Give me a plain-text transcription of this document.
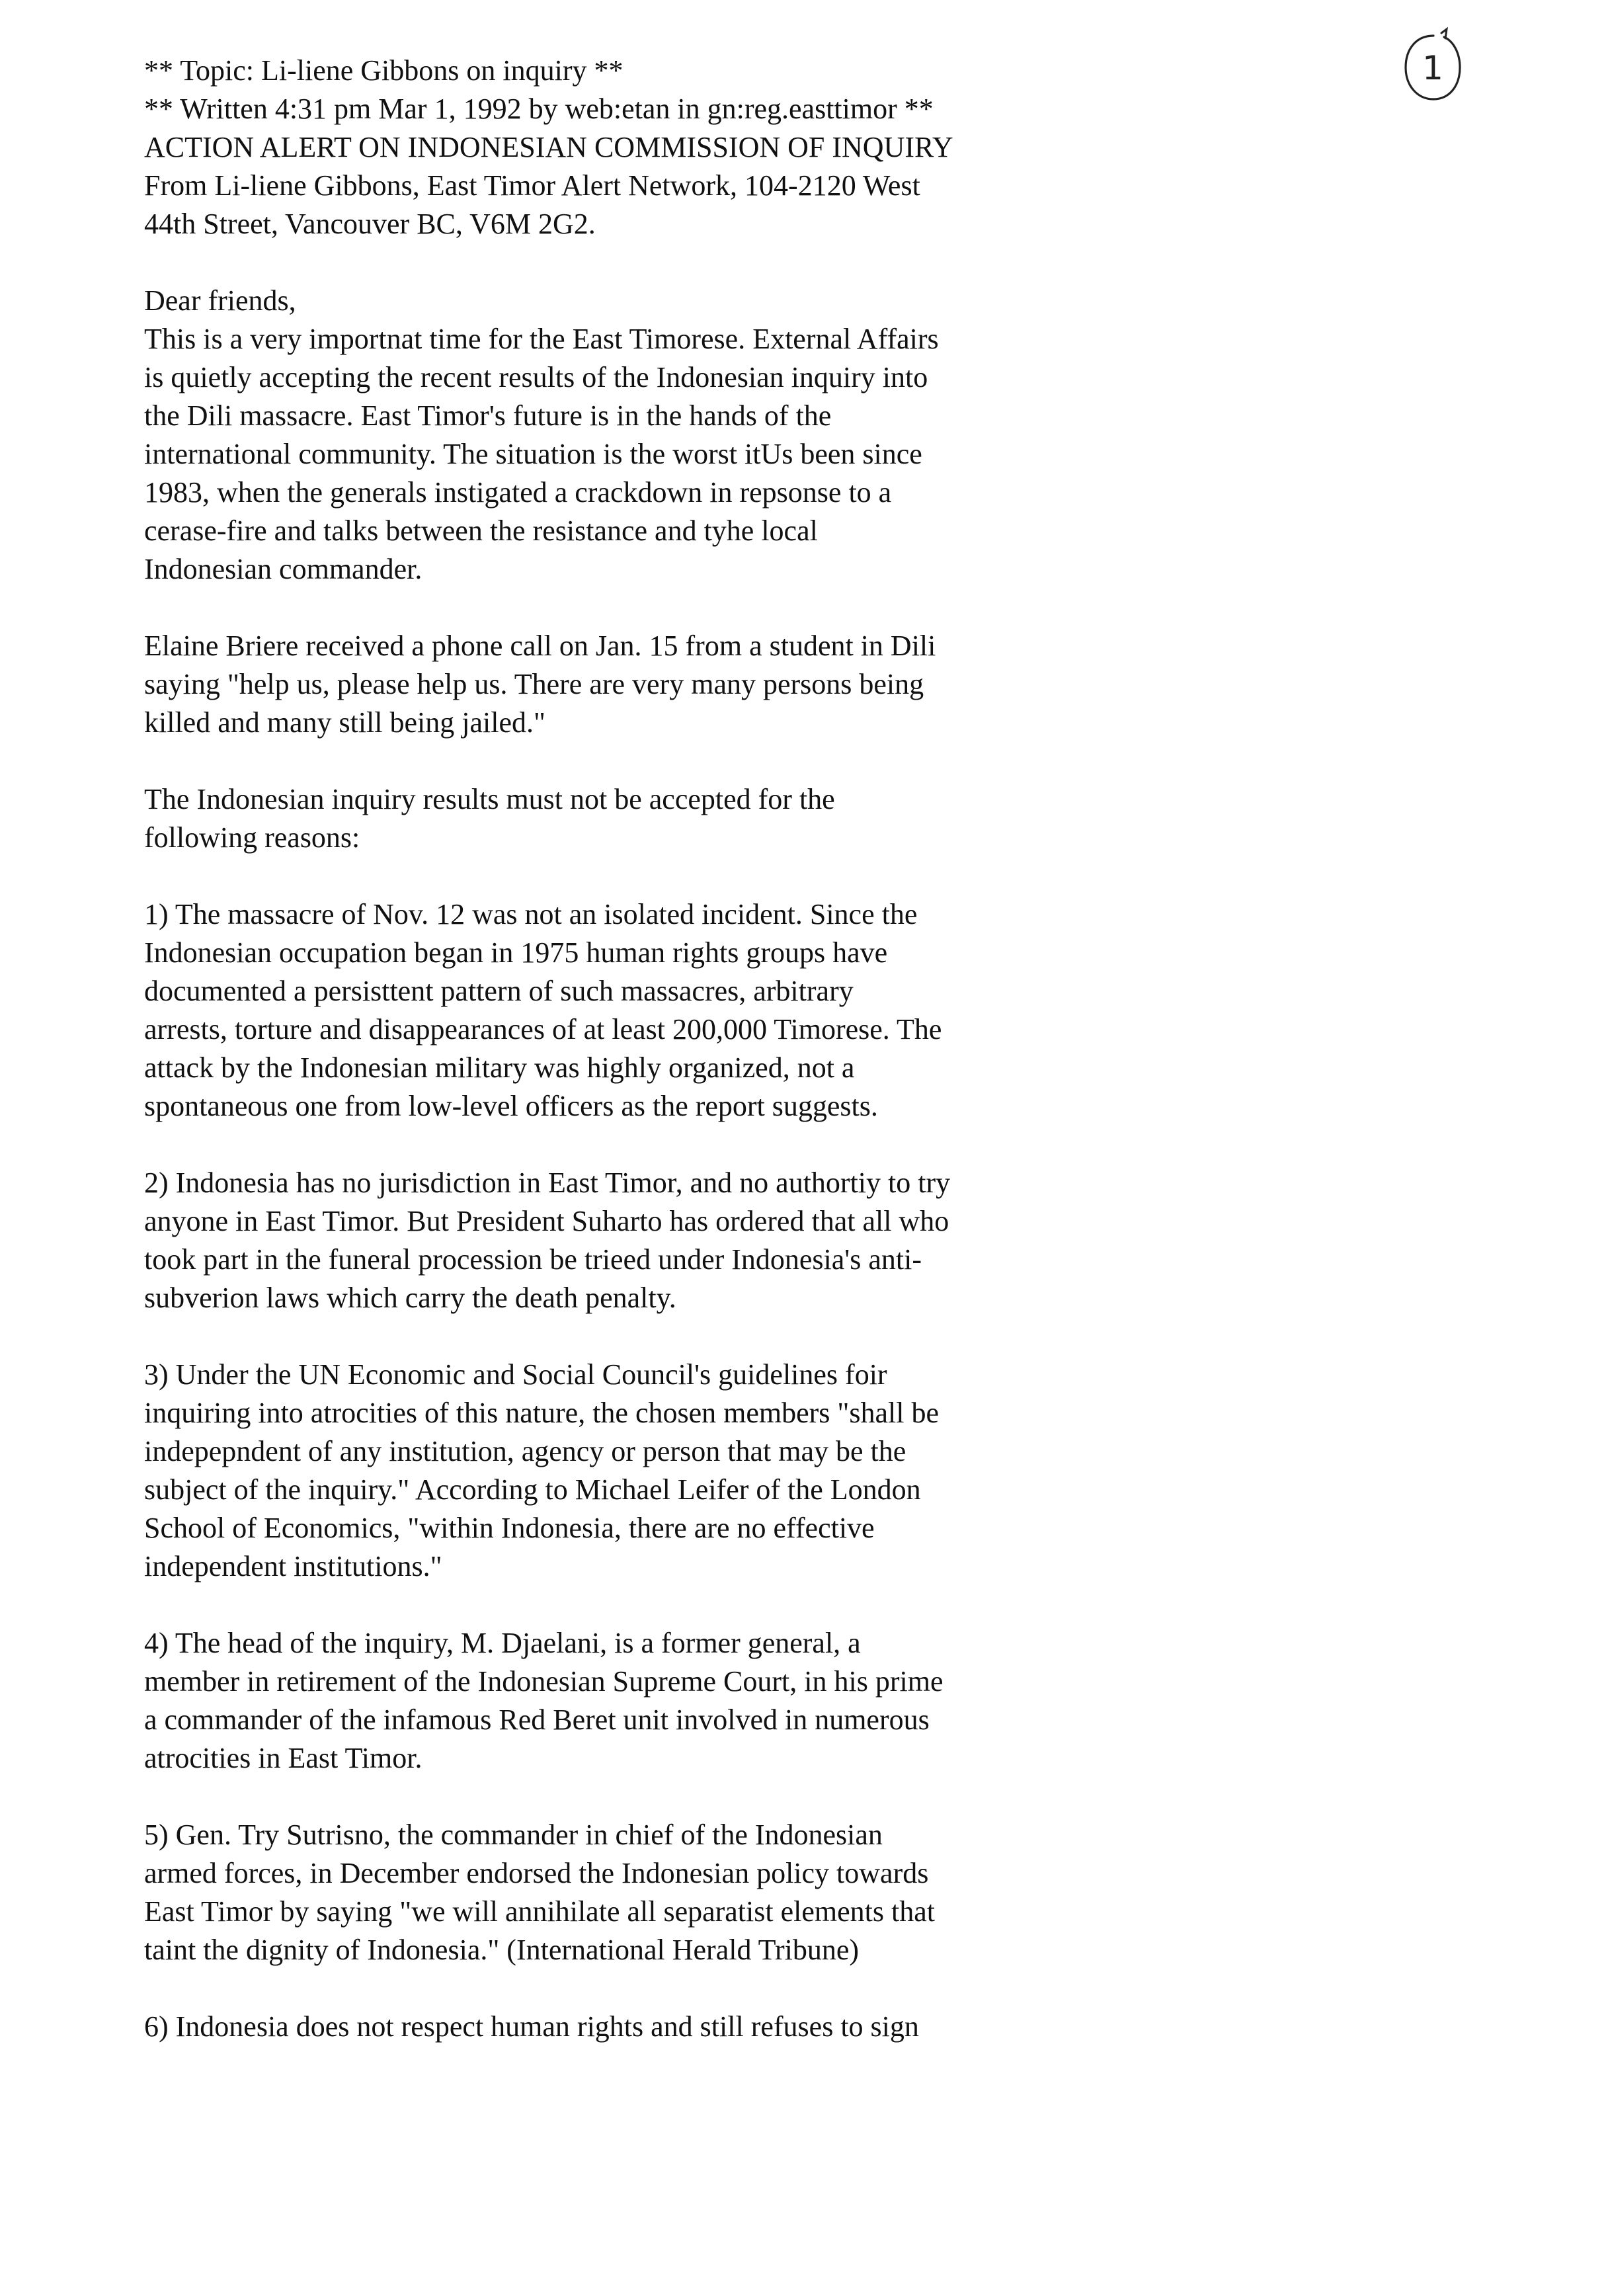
1
** Topic: Li-liene Gibbons on inquiry **
** Written 4:31 pm Mar 1, 1992 by web:etan in gn:reg.easttimor **
ACTION ALERT ON INDONESIAN COMMISSION OF INQUIRY
From Li-liene Gibbons, East Timor Alert Network, 104-2120 West
44th Street, Vancouver BC, V6M 2G2.
Dear friends,
This is a very importnat time for the East Timorese. External Affairs
is quietly accepting the recent results of the Indonesian inquiry into
the Dili massacre. East Timor's future is in the hands of the
international community. The situation is the worst itUs been since
1983, when the generals instigated a crackdown in repsonse to a
cerase-fire and talks between the resistance and tyhe local
Indonesian commander.
Elaine Briere received a phone call on Jan. 15 from a student in Dili
saying "help us, please help us. There are very many persons being
killed and many still being jailed."
The Indonesian inquiry results must not be accepted for the
following reasons:
1) The massacre of Nov. 12 was not an isolated incident. Since the
Indonesian occupation began in 1975 human rights groups have
documented a persisttent pattern of such massacres, arbitrary
arrests, torture and disappearances of at least 200,000 Timorese. The
attack by the Indonesian military was highly organized, not a
spontaneous one from low-level officers as the report suggests.
2) Indonesia has no jurisdiction in East Timor, and no authortiy to try
anyone in East Timor. But President Suharto has ordered that all who
took part in the funeral procession be trieed under Indonesia's anti-
subverion laws which carry the death penalty.
3) Under the UN Economic and Social Council's guidelines foir
inquiring into atrocities of this nature, the chosen members "shall be
indepepndent of any institution, agency or person that may be the
subject of the inquiry." According to Michael Leifer of the London
School of Economics, "within Indonesia, there are no effective
independent institutions."
4) The head of the inquiry, M. Djaelani, is a former general, a
member in retirement of the Indonesian Supreme Court, in his prime
a commander of the infamous Red Beret unit involved in numerous
atrocities in East Timor.
5) Gen. Try Sutrisno, the commander in chief of the Indonesian
armed forces, in December endorsed the Indonesian policy towards
East Timor by saying "we will annihilate all separatist elements that
taint the dignity of Indonesia." (International Herald Tribune)
6) Indonesia does not respect human rights and still refuses to sign
